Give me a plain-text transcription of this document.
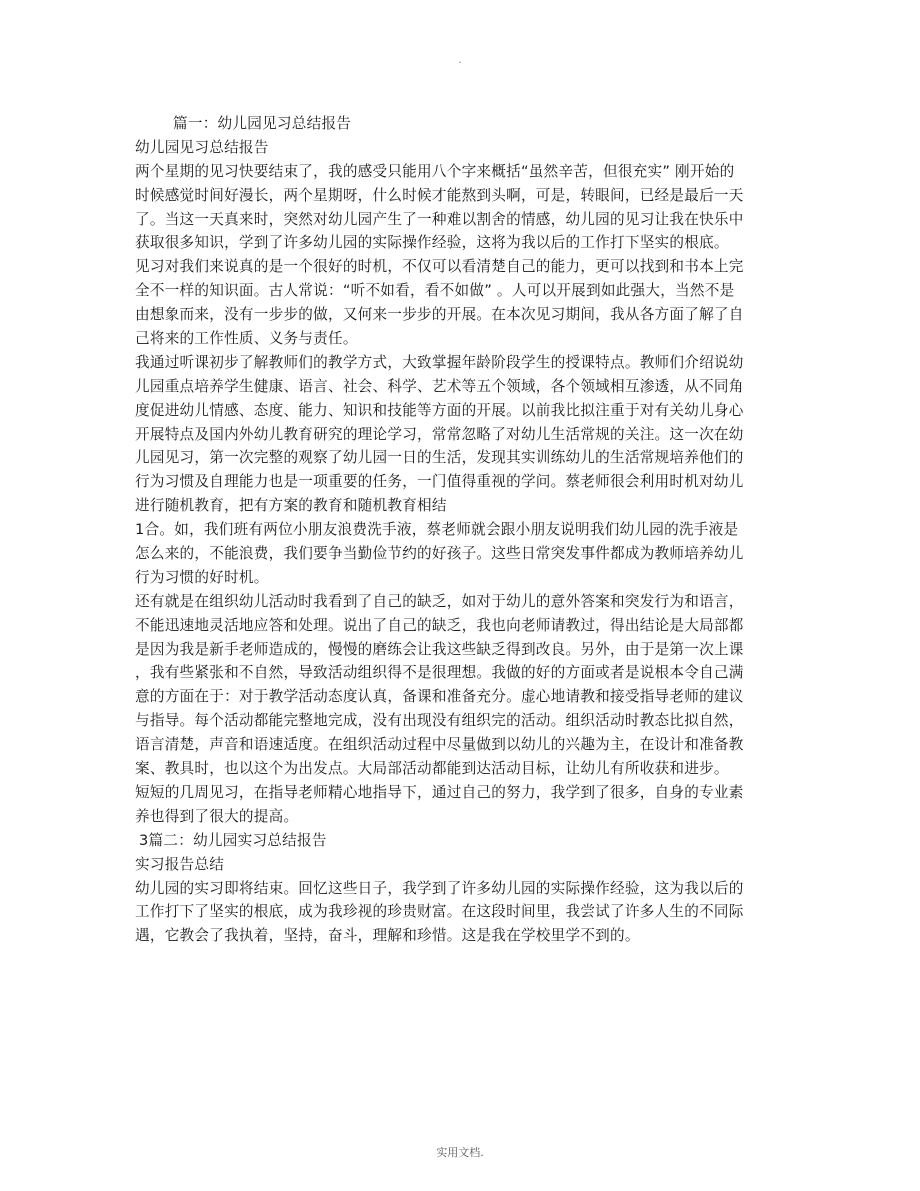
.
篇一：幼儿园见习总结报告
幼儿园见习总结报告
两个星期的见习快要结束了，我的感受只能用八个字来概括“虽然辛苦，但很充实” 刚开始的
时候感觉时间好漫长，两个星期呀，什么时候才能熬到头啊，可是，转眼间，已经是最后一天
了。当这一天真来时，突然对幼儿园产生了一种难以割舍的情感，幼儿园的见习让我在快乐中
获取很多知识，学到了许多幼儿园的实际操作经验，这将为我以后的工作打下坚实的根底。
见习对我们来说真的是一个很好的时机，不仅可以看清楚自己的能力，更可以找到和书本上完
全不一样的知识面。古人常说：“听不如看，看不如做” 。人可以开展到如此强大，当然不是
由想象而来，没有一步步的做，又何来一步步的开展。在本次见习期间，我从各方面了解了自
己将来的工作性质、义务与责任。
我通过听课初步了解教师们的教学方式，大致掌握年龄阶段学生的授课特点。教师们介绍说幼
儿园重点培养学生健康、语言、社会、科学、艺术等五个领域，各个领域相互渗透，从不同角
度促进幼儿情感、态度、能力、知识和技能等方面的开展。以前我比拟注重于对有关幼儿身心
开展特点及国内外幼儿教育研究的理论学习，常常忽略了对幼儿生活常规的关注。这一次在幼
儿园见习，第一次完整的观察了幼儿园一日的生活，发现其实训练幼儿的生活常规培养他们的
行为习惯及自理能力也是一项重要的任务，一门值得重视的学问。蔡老师很会利用时机对幼儿
进行随机教育，把有方案的教育和随机教育相结
1合。如，我们班有两位小朋友浪费洗手液，蔡老师就会跟小朋友说明我们幼儿园的洗手液是
怎么来的，不能浪费，我们要争当勤俭节约的好孩子。这些日常突发事件都成为教师培养幼儿
行为习惯的好时机。
还有就是在组织幼儿活动时我看到了自己的缺乏，如对于幼儿的意外答案和突发行为和语言，
不能迅速地灵活地应答和处理。说出了自己的缺乏，我也向老师请教过，得出结论是大局部都
是因为我是新手老师造成的，慢慢的磨练会让我这些缺乏得到改良。另外，由于是第一次上课
，我有些紧张和不自然，导致活动组织得不是很理想。我做的好的方面或者是说根本令自己满
意的方面在于：对于教学活动态度认真，备课和准备充分。虚心地请教和接受指导老师的建议
与指导。每个活动都能完整地完成，没有出现没有组织完的活动。组织活动时教态比拟自然，
语言清楚，声音和语速适度。在组织活动过程中尽量做到以幼儿的兴趣为主，在设计和准备教
案、教具时，也以这个为出发点。大局部活动都能到达活动目标，让幼儿有所收获和进步。
短短的几周见习，在指导老师精心地指导下，通过自己的努力，我学到了很多，自身的专业素
养也得到了很大的提高。
3篇二：幼儿园实习总结报告
实习报告总结
幼儿园的实习即将结束。回忆这些日子，我学到了许多幼儿园的实际操作经验，这为我以后的
工作打下了坚实的根底，成为我珍视的珍贵财富。在这段时间里，我尝试了许多人生的不同际
遇，它教会了我执着，坚持，奋斗，理解和珍惜。这是我在学校里学不到的。
实用文档.
